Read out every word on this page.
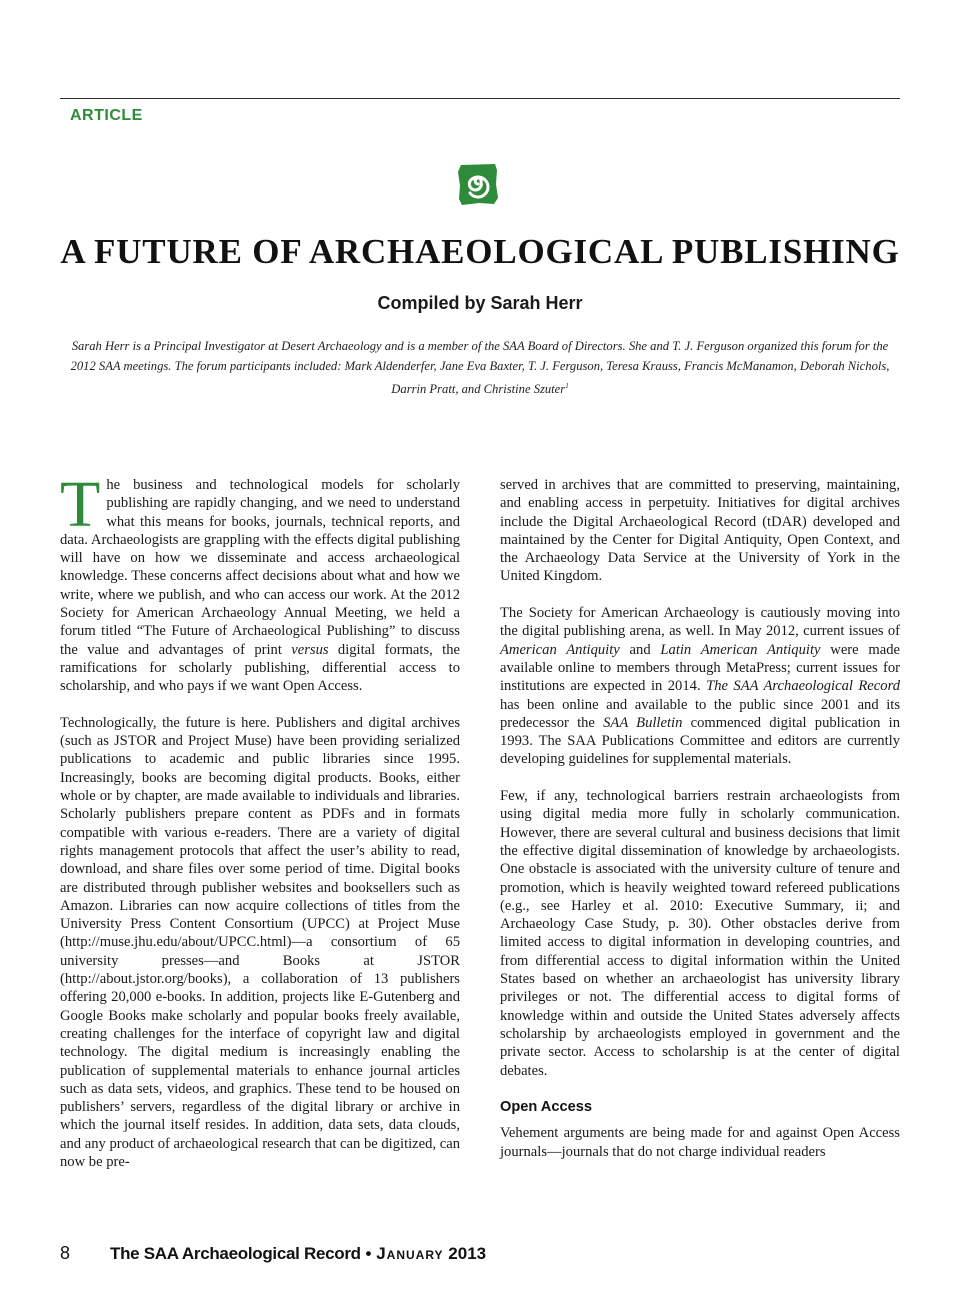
ARTICLE
A FUTURE OF ARCHAEOLOGICAL PUBLISHING
Compiled by Sarah Herr
Sarah Herr is a Principal Investigator at Desert Archaeology and is a member of the SAA Board of Directors. She and T. J. Ferguson organized this forum for the 2012 SAA meetings. The forum participants included: Mark Aldenderfer, Jane Eva Baxter, T. J. Ferguson, Teresa Krauss, Francis McManamon, Deborah Nichols, Darrin Pratt, and Christine Szuter$^1$

The business and technological models for scholarly publishing are rapidly changing, and we need to understand what this means for books, journals, technical reports, and data. Archaeologists are grappling with the effects digital publishing will have on how we disseminate and access archaeological knowledge. These concerns affect decisions about what and how we write, where we publish, and who can access our work. At the 2012 Society for American Archaeology Annual Meeting, we held a forum titled “The Future of Archaeological Publishing” to discuss the value and advantages of print versus digital formats, the ramifications for scholarly publishing, differential access to scholarship, and who pays if we want Open Access.

Technologically, the future is here. Publishers and digital archives (such as JSTOR and Project Muse) have been providing serialized publications to academic and public libraries since 1995. Increasingly, books are becoming digital products. Books, either whole or by chapter, are made available to individuals and libraries. Scholarly publishers prepare content as PDFs and in formats compatible with various e-readers. There are a variety of digital rights management protocols that affect the user’s ability to read, download, and share files over some period of time. Digital books are distributed through publisher websites and booksellers such as Amazon. Libraries can now acquire collections of titles from the University Press Content Consortium (UPCC) at Project Muse (http://muse.jhu.edu/about/UPCC.html)—a consortium of 65 university presses—and Books at JSTOR (http://about.jstor.org/books), a collaboration of 13 publishers offering 20,000 e-books. In addition, projects like E-Gutenberg and Google Books make scholarly and popular books freely available, creating challenges for the interface of copyright law and digital technology. The digital medium is increasingly enabling the publication of supplemental materials to enhance journal articles such as data sets, videos, and graphics. These tend to be housed on publishers’ servers, regardless of the digital library or archive in which the journal itself resides. In addition, data sets, data clouds, and any product of archaeological research that can be digitized, can now be pre-

served in archives that are committed to preserving, maintaining, and enabling access in perpetuity. Initiatives for digital archives include the Digital Archaeological Record (tDAR) developed and maintained by the Center for Digital Antiquity, Open Context, and the Archaeology Data Service at the University of York in the United Kingdom.

The Society for American Archaeology is cautiously moving into the digital publishing arena, as well. In May 2012, current issues of American Antiquity and Latin American Antiquity were made available online to members through MetaPress; current issues for institutions are expected in 2014. The SAA Archaeological Record has been online and available to the public since 2001 and its predecessor the SAA Bulletin commenced digital publication in 1993. The SAA Publications Committee and editors are currently developing guidelines for supplemental materials.

Few, if any, technological barriers restrain archaeologists from using digital media more fully in scholarly communication. However, there are several cultural and business decisions that limit the effective digital dissemination of knowledge by archaeologists. One obstacle is associated with the university culture of tenure and promotion, which is heavily weighted toward refereed publications (e.g., see Harley et al. 2010: Executive Summary, ii; and Archaeology Case Study, p. 30). Other obstacles derive from limited access to digital information in developing countries, and from differential access to digital information within the United States based on whether an archaeologist has university library privileges or not. The differential access to digital forms of knowledge within and outside the United States adversely affects scholarship by archaeologists employed in government and the private sector. Access to scholarship is at the center of digital debates.

Open Access

Vehement arguments are being made for and against Open Access journals—journals that do not charge individual readers

8 The SAA Archaeological Record • January 2013
